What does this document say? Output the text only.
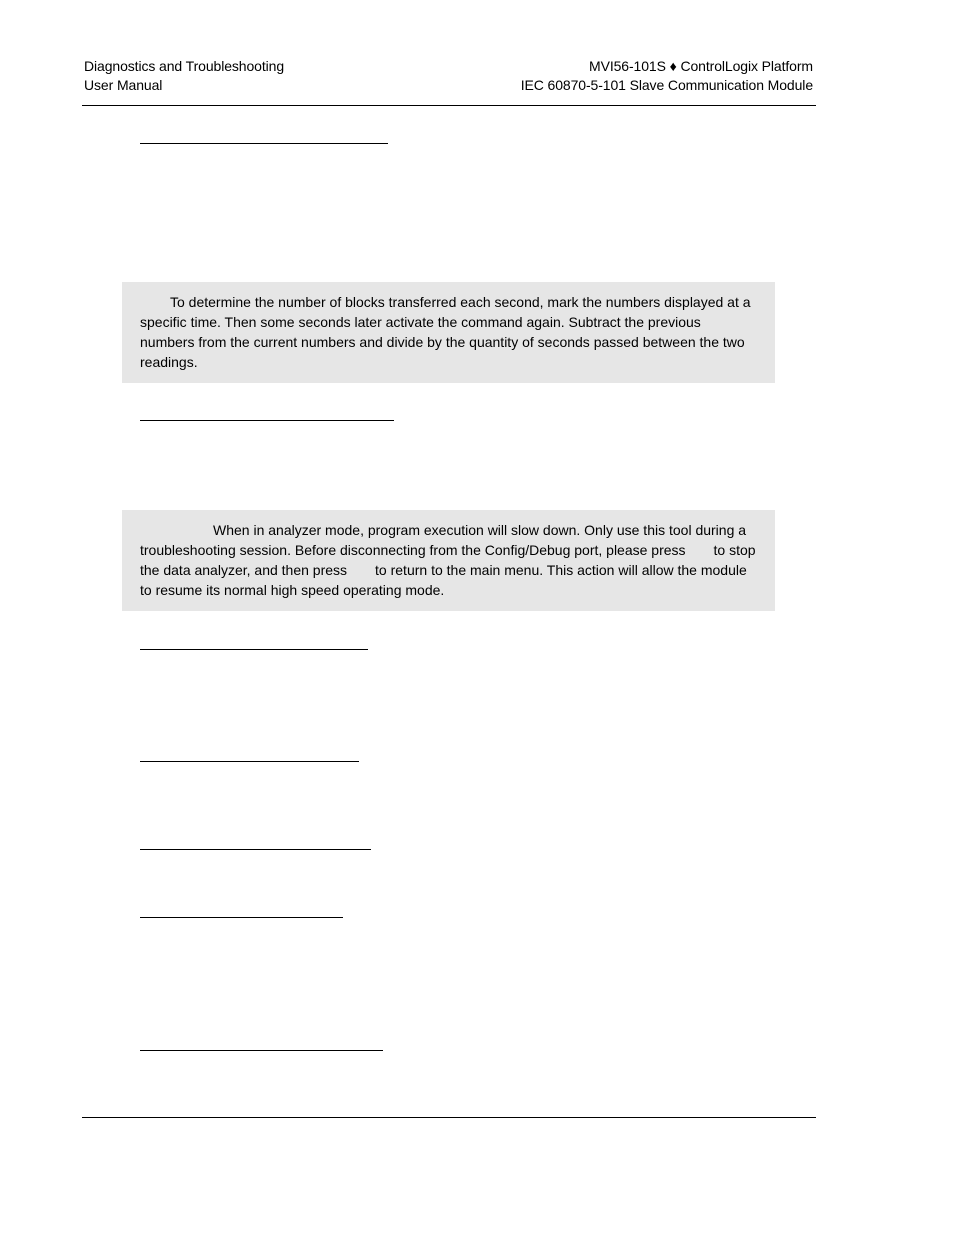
Diagnostics and Troubleshooting
User Manual
MVI56-101S ♦ ControlLogix Platform
IEC 60870-5-101 Slave Communication Module

To determine the number of blocks transferred each second, mark the numbers displayed at a specific time. Then some seconds later activate the command again. Subtract the previous numbers from the current numbers and divide by the quantity of seconds passed between the two readings.

When in analyzer mode, program execution will slow down. Only use this tool during a troubleshooting session. Before disconnecting from the Config/Debug port, please press to stop the data analyzer, and then press to return to the main menu. This action will allow the module to resume its normal high speed operating mode.
